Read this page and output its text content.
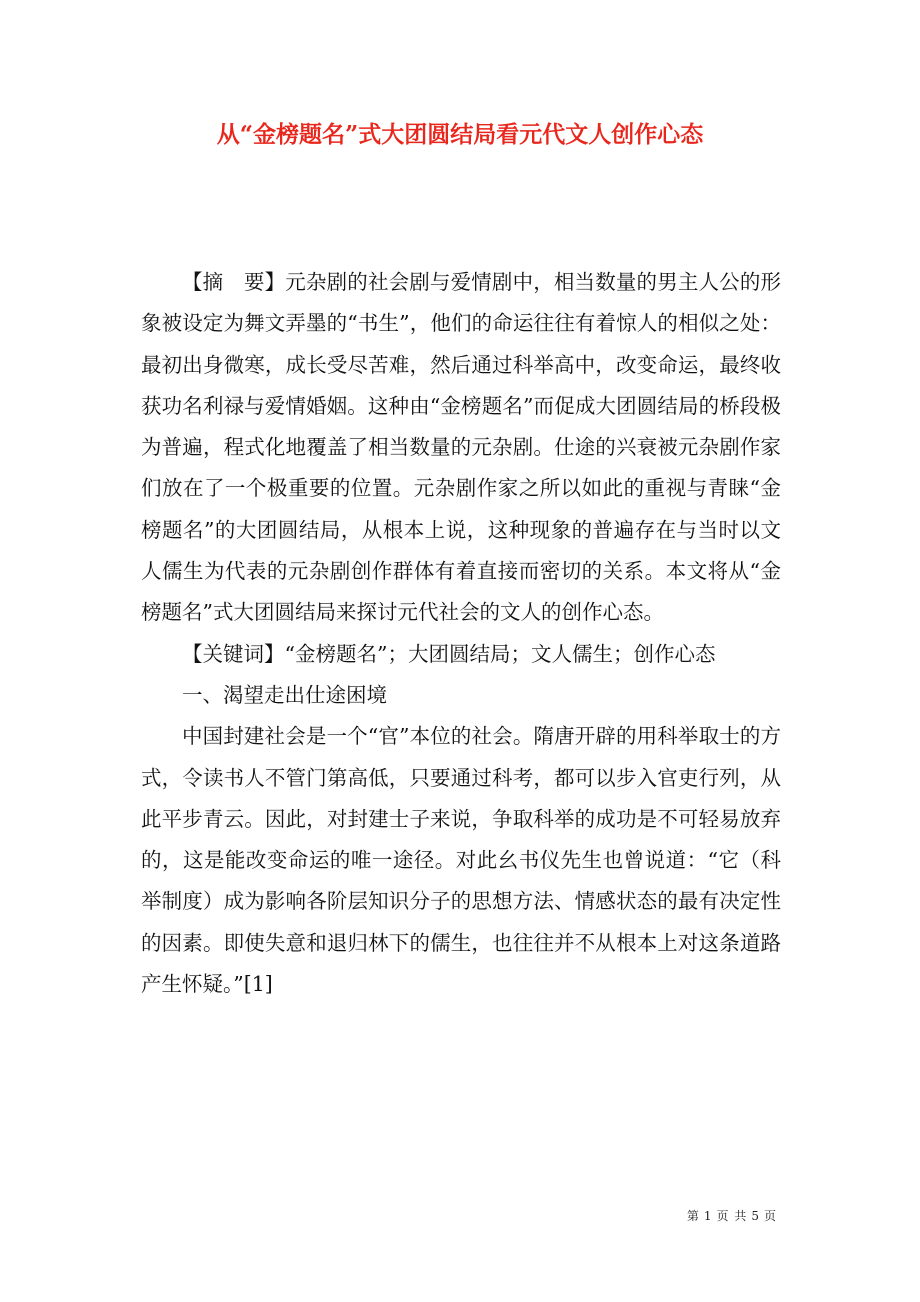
从“金榜题名”式大团圆结局看元代文人创作心态

【摘　要】元杂剧的社会剧与爱情剧中，相当数量的男主人公的形象被设定为舞文弄墨的“书生”，他们的命运往往有着惊人的相似之处：最初出身微寒，成长受尽苦难，然后通过科举高中，改变命运，最终收获功名利禄与爱情婚姻。这种由“金榜题名”而促成大团圆结局的桥段极为普遍，程式化地覆盖了相当数量的元杂剧。仕途的兴衰被元杂剧作家们放在了一个极重要的位置。元杂剧作家之所以如此的重视与青睐“金榜题名”的大团圆结局，从根本上说，这种现象的普遍存在与当时以文人儒生为代表的元杂剧创作群体有着直接而密切的关系。本文将从“金榜题名”式大团圆结局来探讨元代社会的文人的创作心态。

【关键词】“金榜题名”；大团圆结局；文人儒生；创作心态

一、渴望走出仕途困境

中国封建社会是一个“官”本位的社会。隋唐开辟的用科举取士的方式，令读书人不管门第高低，只要通过科考，都可以步入官吏行列，从此平步青云。因此，对封建士子来说，争取科举的成功是不可轻易放弃的，这是能改变命运的唯一途径。对此幺书仪先生也曾说道：“它（科举制度）成为影响各阶层知识分子的思想方法、情感状态的最有决定性的因素。即使失意和退归林下的儒生，也往往并不从根本上对这条道路产生怀疑。”[1]

第 1 页 共 5 页
